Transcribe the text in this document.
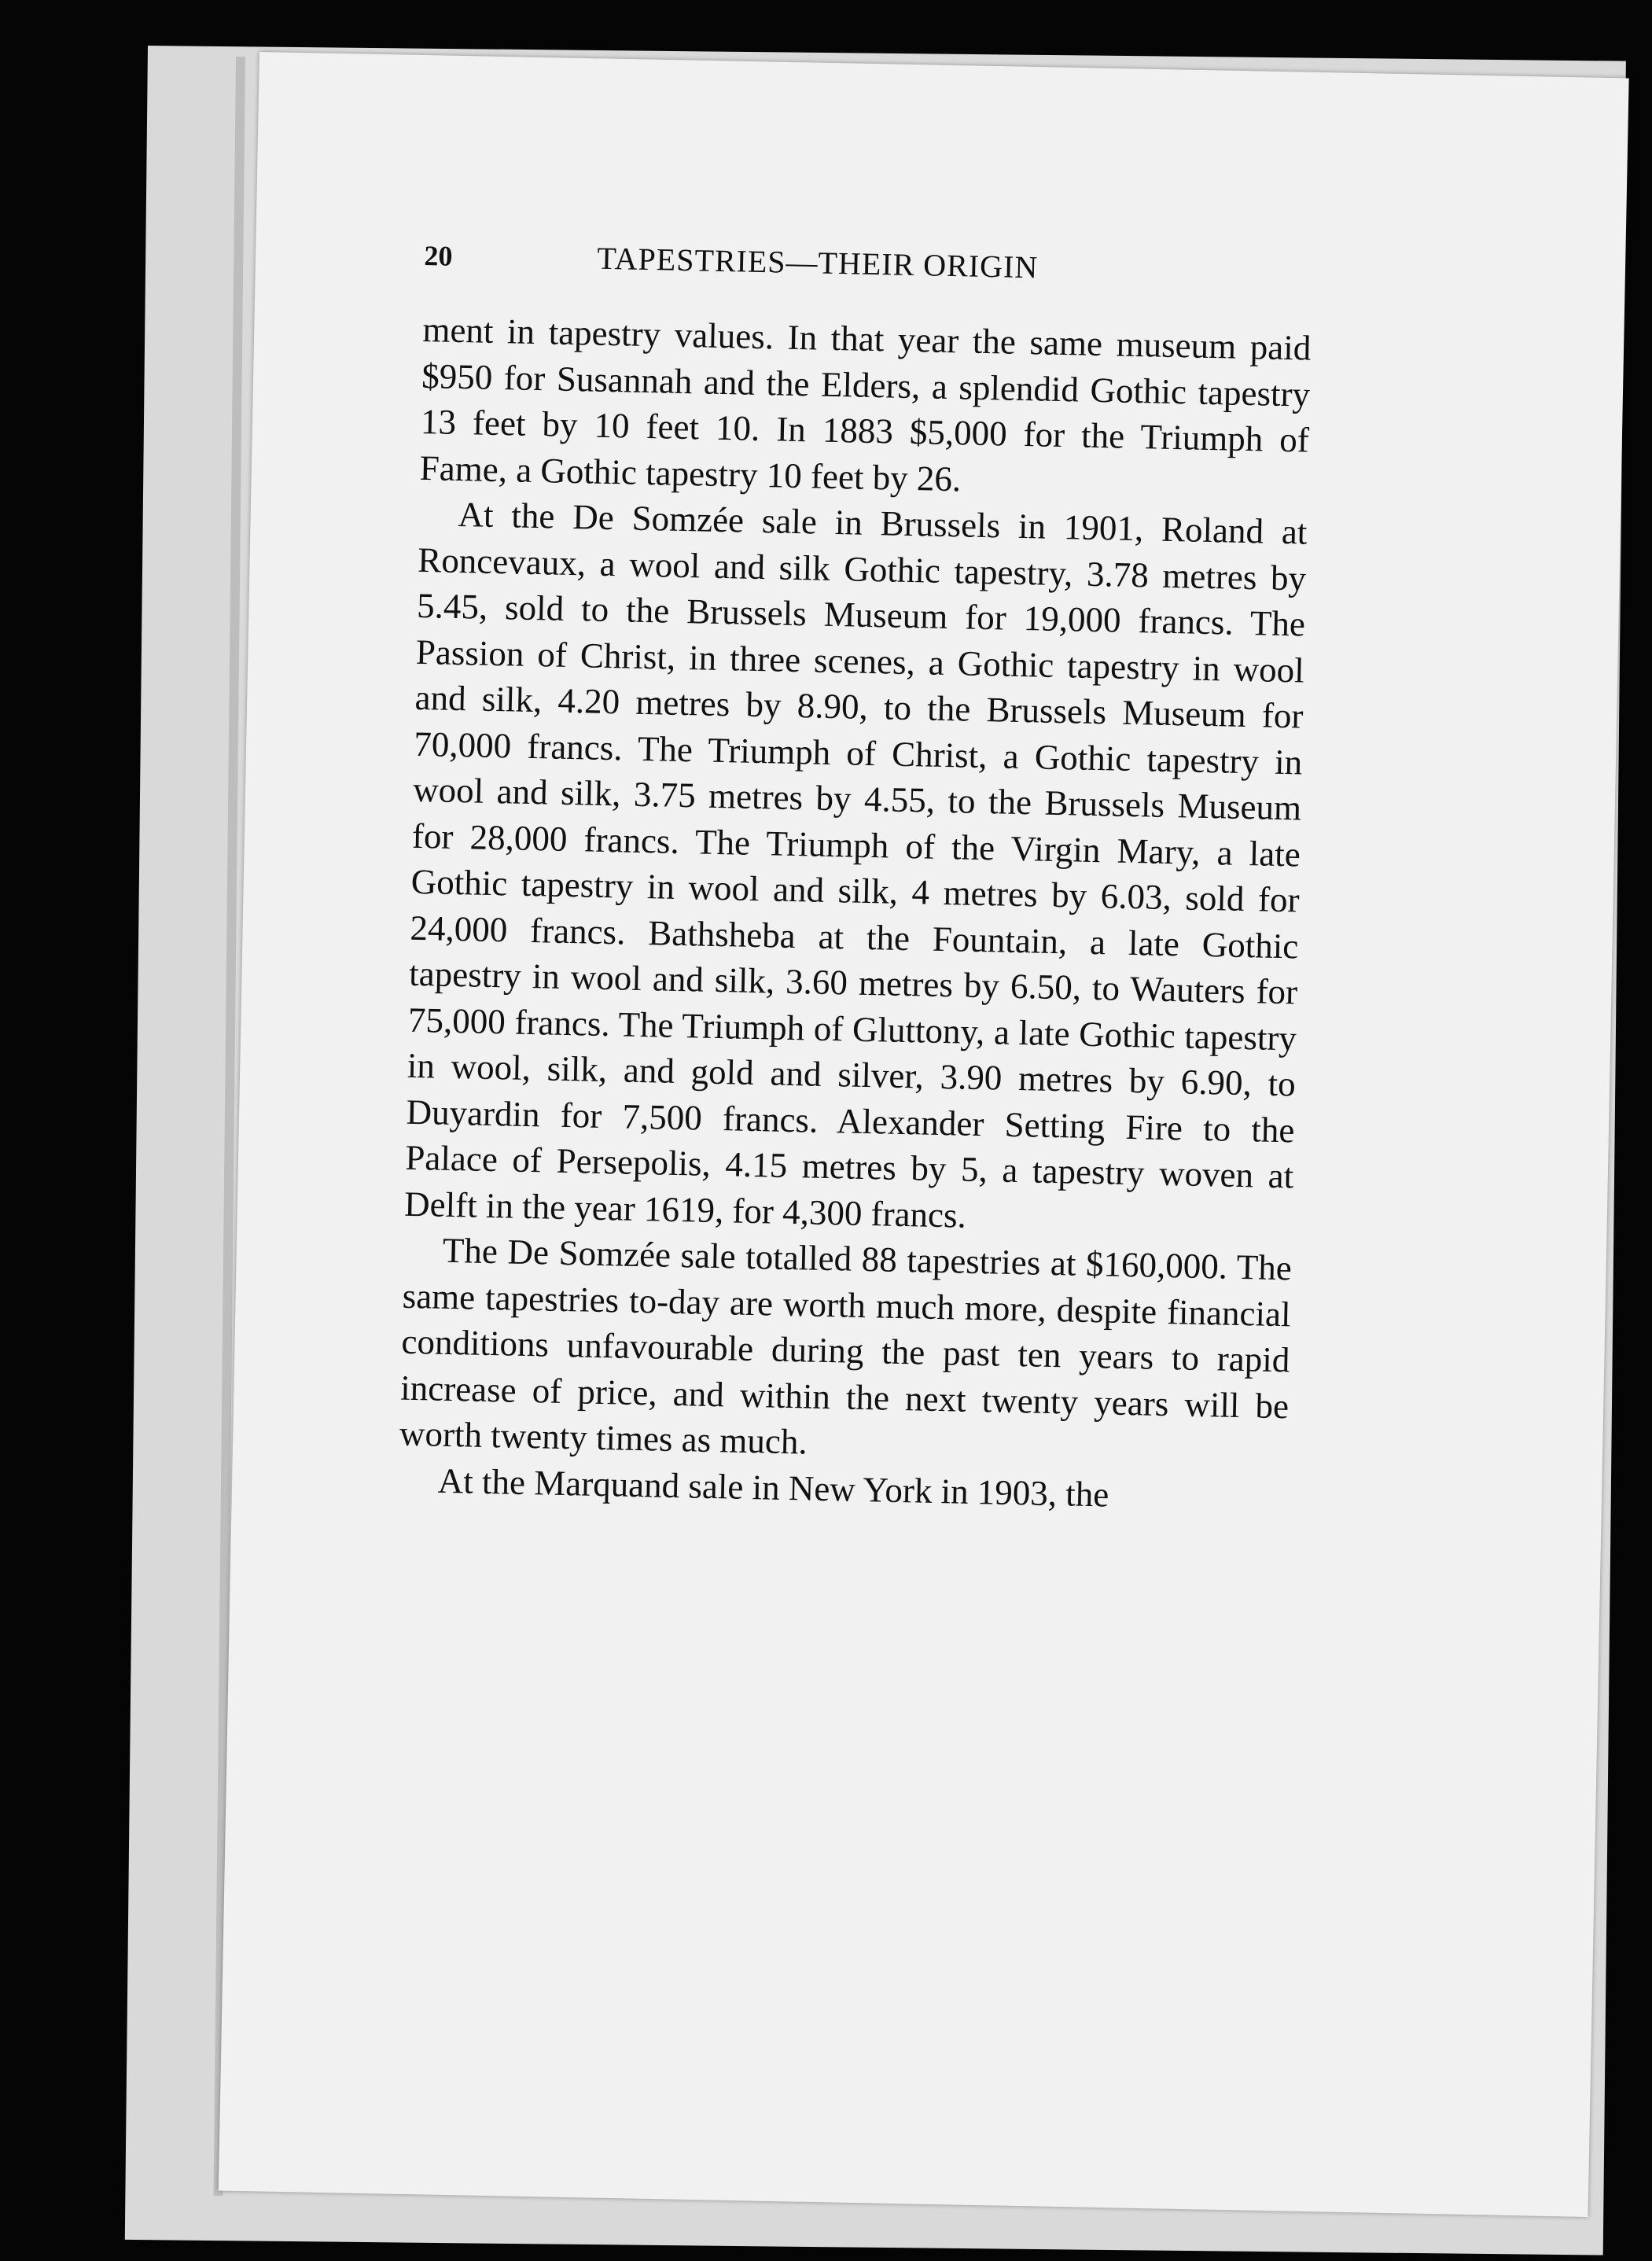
20	TAPESTRIES—THEIR ORIGIN

ment in tapestry values. In that year the same museum paid $950 for Susannah and the Elders, a splendid Gothic tapestry 13 feet by 10 feet 10. In 1883 $5,000 for the Triumph of Fame, a Gothic tapestry 10 feet by 26.

At the De Somzée sale in Brussels in 1901, Roland at Roncevaux, a wool and silk Gothic tapestry, 3.78 metres by 5.45, sold to the Brussels Museum for 19,000 francs. The Passion of Christ, in three scenes, a Gothic tapestry in wool and silk, 4.20 metres by 8.90, to the Brussels Museum for 70,000 francs. The Triumph of Christ, a Gothic tapestry in wool and silk, 3.75 metres by 4.55, to the Brussels Museum for 28,000 francs. The Triumph of the Virgin Mary, a late Gothic tapestry in wool and silk, 4 metres by 6.03, sold for 24,000 francs. Bathsheba at the Fountain, a late Gothic tapestry in wool and silk, 3.60 metres by 6.50, to Wauters for 75,000 francs. The Triumph of Gluttony, a late Gothic tapestry in wool, silk, and gold and silver, 3.90 metres by 6.90, to Duyardin for 7,500 francs. Alexander Setting Fire to the Palace of Persepolis, 4.15 metres by 5, a tapestry woven at Delft in the year 1619, for 4,300 francs.

The De Somzée sale totalled 88 tapestries at $160,000. The same tapestries to-day are worth much more, despite financial conditions unfavourable during the past ten years to rapid increase of price, and within the next twenty years will be worth twenty times as much.

At the Marquand sale in New York in 1903, the
